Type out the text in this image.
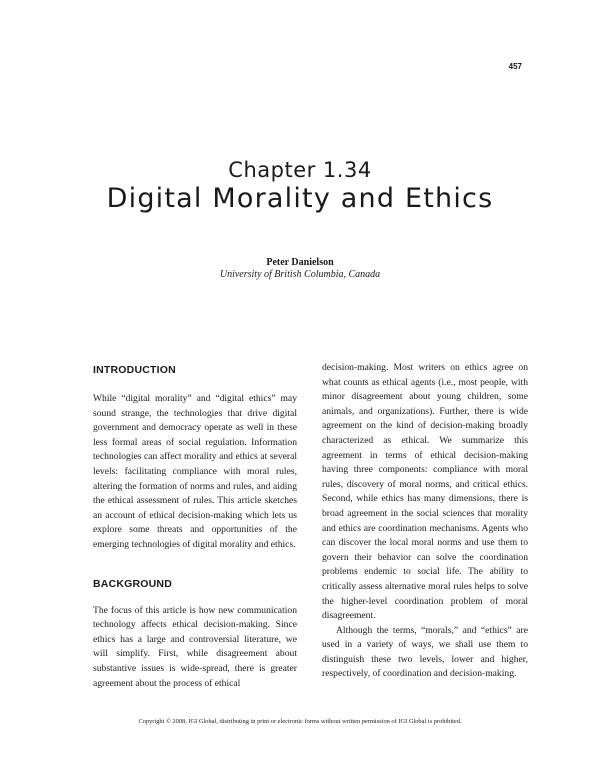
457
Chapter 1.34
Digital Morality and Ethics
Peter Danielson
University of British Columbia, Canada
INTRODUCTION

While “digital morality” and “digital ethics” may sound strange, the technologies that drive digital government and democracy operate as well in these less formal areas of social regulation. Information technologies can affect morality and ethics at several levels: facilitating compliance with moral rules, altering the formation of norms and rules, and aiding the ethical assessment of rules. This article sketches an account of ethical decision-making which lets us explore some threats and opportunities of the emerging technologies of digital morality and ethics.

BACKGROUND

The focus of this article is how new communication technology affects ethical decision-making. Since ethics has a large and controversial literature, we will simplify. First, while disagreement about substantive issues is wide-spread, there is greater agreement about the process of ethical

decision-making. Most writers on ethics agree on what counts as ethical agents (i.e., most people, with minor disagreement about young children, some animals, and organizations). Further, there is wide agreement on the kind of decision-making broadly characterized as ethical. We summarize this agreement in terms of ethical decision-making having three components: compliance with moral rules, discovery of moral norms, and critical ethics. Second, while ethics has many dimensions, there is broad agreement in the social sciences that morality and ethics are coordination mechanisms. Agents who can discover the local moral norms and use them to govern their behavior can solve the coordination problems endemic to social life. The ability to critically assess alternative moral rules helps to solve the higher-level coordination problem of moral disagreement.

Although the terms, “morals,” and “ethics” are used in a variety of ways, we shall use them to distinguish these two levels, lower and higher, respectively, of coordination and decision-making.

Copyright © 2008, IGI Global, distributing in print or electronic forms without written permission of IGI Global is prohibited.
